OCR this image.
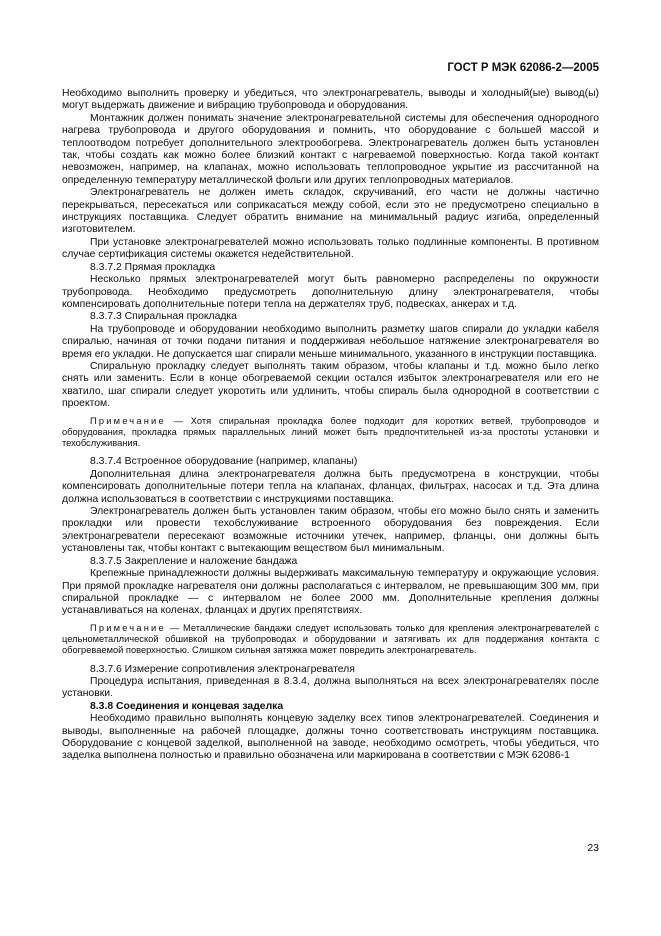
ГОСТ Р МЭК 62086-2—2005

Необходимо выполнить проверку и убедиться, что электронагреватель, выводы и холодный(ые) вывод(ы) могут выдержать движение и вибрацию трубопровода и оборудования.

Монтажник должен понимать значение электронагревательной системы для обеспечения однородного нагрева трубопровода и другого оборудования и помнить, что оборудование с большей массой и теплоотводом потребует дополнительного электрообогрева. Электронагреватель должен быть установлен так, чтобы создать как можно более близкий контакт с нагреваемой поверхностью. Когда такой контакт невозможен, например, на клапанах, можно использовать теплопроводное укрытие из рассчитанной на определенную температуру металлической фольги или других теплопроводных материалов.

Электронагреватель не должен иметь складок, скручиваний, его части не должны частично перекрываться, пересекаться или соприкасаться между собой, если это не предусмотрено специально в инструкциях поставщика. Следует обратить внимание на минимальный радиус изгиба, определенный изготовителем.

При установке электронагревателей можно использовать только подлинные компоненты. В противном случае сертификация системы окажется недействительной.

8.3.7.2 Прямая прокладка

Несколько прямых электронагревателей могут быть равномерно распределены по окружности трубопровода. Необходимо предусмотреть дополнительную длину электронагревателя, чтобы компенсировать дополнительные потери тепла на держателях труб, подвесках, анкерах и т.д.

8.3.7.3 Спиральная прокладка

На трубопроводе и оборудовании необходимо выполнить разметку шагов спирали до укладки кабеля спиралью, начиная от точки подачи питания и поддерживая небольшое натяжение электронагревателя во время его укладки. Не допускается шаг спирали меньше минимального, указанного в инструкции поставщика.

Спиральную прокладку следует выполнять таким образом, чтобы клапаны и т.д. можно было легко снять или заменить. Если в конце обогреваемой секции остался избыток электронагревателя или его не хватило, шаг спирали следует укоротить или удлинить, чтобы спираль была однородной в соответствии с проектом.

Примечание — Хотя спиральная прокладка более подходит для коротких ветвей, трубопроводов и оборудования, прокладка прямых параллельных линий может быть предпочтительней из-за простоты установки и техобслуживания.

8.3.7.4 Встроенное оборудование (например, клапаны)

Дополнительная длина электронагревателя должна быть предусмотрена в конструкции, чтобы компенсировать дополнительные потери тепла на клапанах, фланцах, фильтрах, насосах и т.д. Эта длина должна использоваться в соответствии с инструкциями поставщика.

Электронагреватель должен быть установлен таким образом, чтобы его можно было снять и заменить прокладки или провести техобслуживание встроенного оборудования без повреждения. Если электронагреватели пересекают возможные источники утечек, например, фланцы, они должны быть установлены так, чтобы контакт с вытекающим веществом был минимальным.

8.3.7.5 Закрепление и наложение бандажа

Крепежные принадлежности должны выдерживать максимальную температуру и окружающие условия. При прямой прокладке нагревателя они должны располагаться с интервалом, не превышающим 300 мм, при спиральной прокладке — с интервалом не более 2000 мм. Дополнительные крепления должны устанавливаться на коленах, фланцах и других препятствиях.

Примечание — Металлические бандажи следует использовать только для крепления электронагревателей с цельнометаллической обшивкой на трубопроводах и оборудовании и затягивать их для поддержания контакта с обогреваемой поверхностью. Слишком сильная затяжка может повредить электронагреватель.

8.3.7.6 Измерение сопротивления электронагревателя

Процедура испытания, приведенная в 8.3.4, должна выполняться на всех электронагревателях после установки.

8.3.8 Соединения и концевая заделка

Необходимо правильно выполнять концевую заделку всех типов электронагревателей. Соединения и выводы, выполненные на рабочей площадке, должны точно соответствовать инструкциям поставщика. Оборудование с концевой заделкой, выполненной на заводе, необходимо осмотреть, чтобы убедиться, что заделка выполнена полностью и правильно обозначена или маркирована в соответствии с МЭК 62086-1

23
